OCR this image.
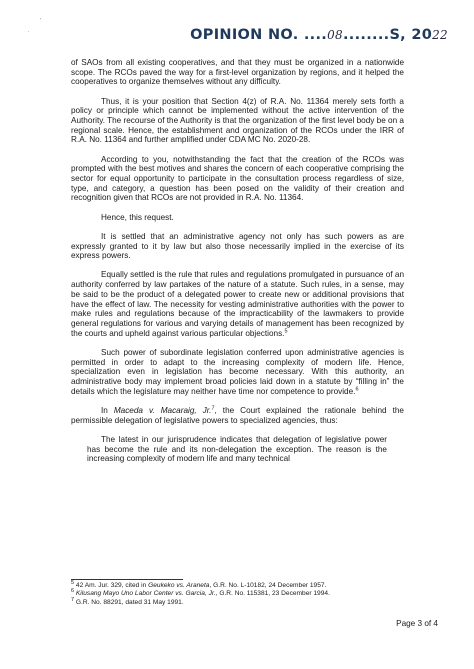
'
.	OPINION NO. ....08........S, 2022

of SAOs from all existing cooperatives, and that they must be organized in a nationwide scope. The RCOs paved the way for a first-level organization by regions, and it helped the cooperatives to organize themselves without any difficulty.

Thus, it is your position that Section 4(z) of R.A. No. 11364 merely sets forth a policy or principle which cannot be implemented without the active intervention of the Authority. The recourse of the Authority is that the organization of the first level body be on a regional scale. Hence, the establishment and organization of the RCOs under the IRR of R.A. No. 11364 and further amplified under CDA MC No. 2020-28.

According to you, notwithstanding the fact that the creation of the RCOs was prompted with the best motives and shares the concern of each cooperative comprising the sector for equal opportunity to participate in the consultation process regardless of size, type, and category, a question has been posed on the validity of their creation and recognition given that RCOs are not provided in R.A. No. 11364.

Hence, this request.

It is settled that an administrative agency not only has such powers as are expressly granted to it by law but also those necessarily implied in the exercise of its express powers.

Equally settled is the rule that rules and regulations promulgated in pursuance of an authority conferred by law partakes of the nature of a statute. Such rules, in a sense, may be said to be the product of a delegated power to create new or additional provisions that have the effect of law. The necessity for vesting administrative authorities with the power to make rules and regulations because of the impracticability of the lawmakers to provide general regulations for various and varying details of management has been recognized by the courts and upheld against various particular objections.$^5$

Such power of subordinate legislation conferred upon administrative agencies is permitted in order to adapt to the increasing complexity of modern life. Hence, specialization even in legislation has become necessary. With this authority, an administrative body may implement broad policies laid down in a statute by “filling in” the details which the legislature may neither have time nor competence to provide.$^6$

In Maceda v. Macaraig, Jr.$^7$, the Court explained the rationale behind the permissible delegation of legislative powers to specialized agencies, thus:

The latest in our jurisprudence indicates that delegation of legislative power has become the rule and its non-delegation the exception. The reason is the increasing complexity of modern life and many technical
$^5$ 42 Am. Jur. 329, cited in Geukeko vs. Araneta, G.R. No. L-10182, 24 December 1957.
$^6$ Kilusang Mayo Uno Labor Center vs. Garcia, Jr., G.R. No. 115381, 23 December 1994.
$^7$ G.R. No. 88291, dated 31 May 1991.
Page 3 of 4
